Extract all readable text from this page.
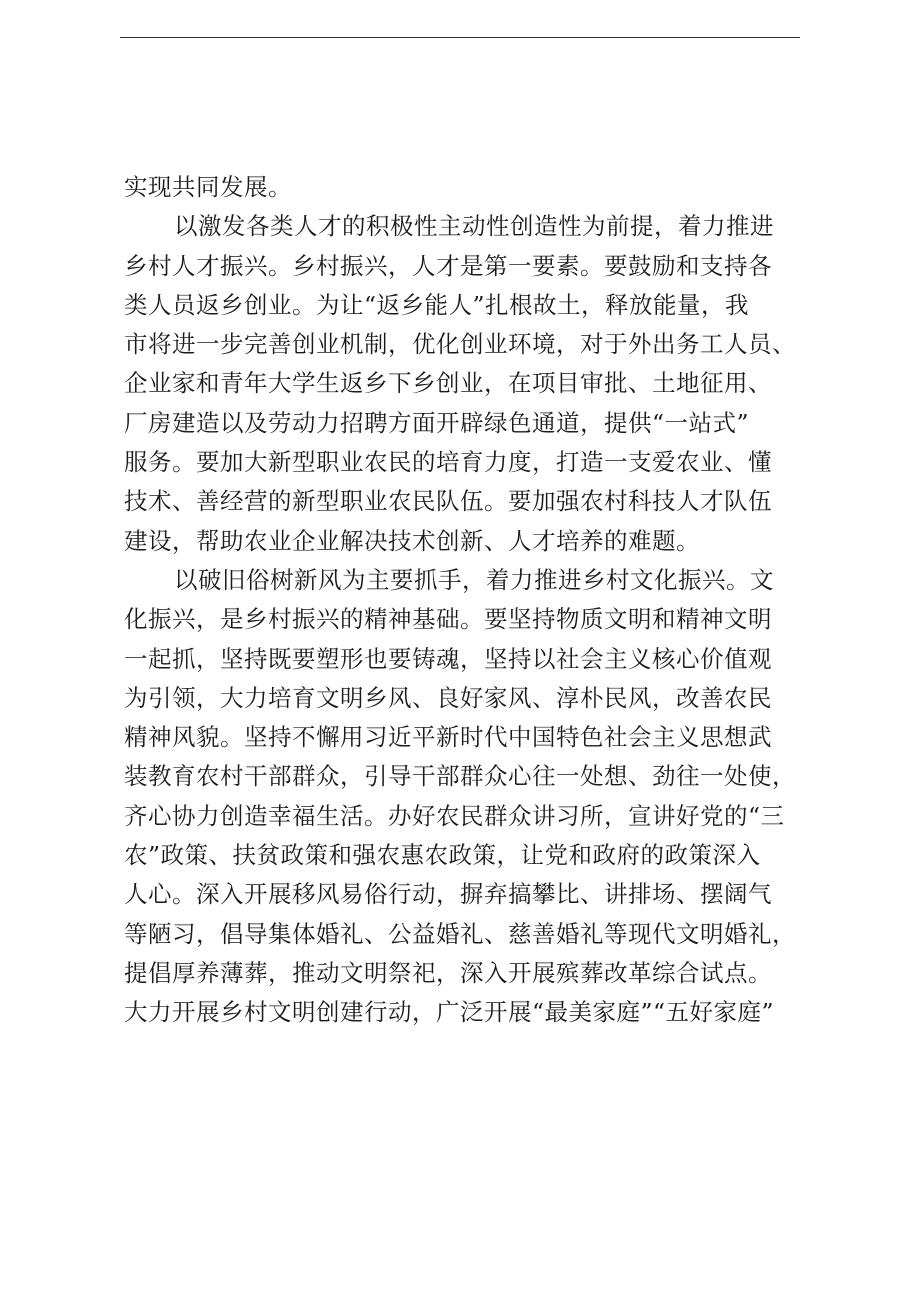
实现共同发展。
以激发各类人才的积极性主动性创造性为前提，着力推进
乡村人才振兴。乡村振兴，人才是第一要素。要鼓励和支持各
类人员返乡创业。为让“返乡能人”扎根故土，释放能量，我
市将进一步完善创业机制，优化创业环境，对于外出务工人员、
企业家和青年大学生返乡下乡创业，在项目审批、土地征用、
厂房建造以及劳动力招聘方面开辟绿色通道，提供“一站式”
服务。要加大新型职业农民的培育力度，打造一支爱农业、懂
技术、善经营的新型职业农民队伍。要加强农村科技人才队伍
建设，帮助农业企业解决技术创新、人才培养的难题。
以破旧俗树新风为主要抓手，着力推进乡村文化振兴。文
化振兴，是乡村振兴的精神基础。要坚持物质文明和精神文明
一起抓，坚持既要塑形也要铸魂，坚持以社会主义核心价值观
为引领，大力培育文明乡风、良好家风、淳朴民风，改善农民
精神风貌。坚持不懈用习近平新时代中国特色社会主义思想武
装教育农村干部群众，引导干部群众心往一处想、劲往一处使，
齐心协力创造幸福生活。办好农民群众讲习所，宣讲好党的“三
农”政策、扶贫政策和强农惠农政策，让党和政府的政策深入
人心。深入开展移风易俗行动，摒弃搞攀比、讲排场、摆阔气
等陋习，倡导集体婚礼、公益婚礼、慈善婚礼等现代文明婚礼，
提倡厚养薄葬，推动文明祭祀，深入开展殡葬改革综合试点。
大力开展乡村文明创建行动，广泛开展“最美家庭”“五好家庭”
